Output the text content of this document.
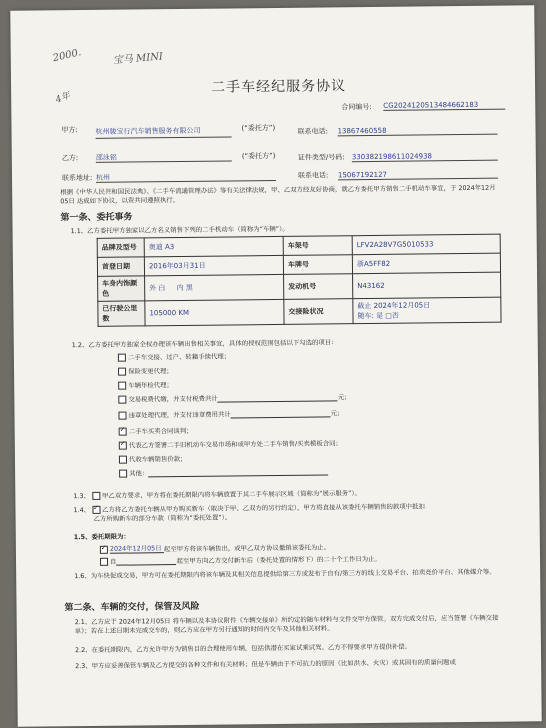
2000.	宝马 MINI
4年
二手车经纪服务协议
合同编号: CG2024120513484662183
甲方:	杭州骏宝行汽车销售服务有限公司	(“委托方”)	联系电话: 13867460558
乙方:	邵泳铭	(“委托方”)	证件类型/号码: 330382198611024938
联系地址: 杭州	联系电话: 15067192127
根据《中华人民共和国民法典》、《二手车流通管理办法》等有关法律法规，甲、乙双方经友好协商，就乙方委托甲方销售二手机动车事宜，于 2024年12月05日 达成如下协议，以资共同遵照执行。
第一条、委托事务
1.1、乙方委托甲方独家以乙方名义销售下列的二手机动车（简称为“车辆”）。
品牌及型号	奥迪 A3	车架号	LFV2A28V7G5010533
首登日期	2016年03月31日	车牌号	浙A5FF82
车身内饰颜色	外 白 内 黑	发动机号	N43162
已行驶公里数	105000 KM	交接险状况	截止 2024年12月05日
随车: 是 □否
1.2、乙方委托甲方独家全权办理该车辆出售相关事宜，具体的授权范围包括以下勾选的项目：
二手车交接、过户、转籍手续代理；
保险变更代理；
车辆年检代理；
交易税费代缴，并支付税费共计	元；
违章处理代理，并支付违章费用共计	元；
✓二手车买卖合同谈判；
✓代表乙方签署二手旧机动车交易市场和或甲方处二手车销售/买卖模板合同；
代收车辆销售价款；
其他：
1.3、 甲乙双方要求，甲方将在委托期限内将车辆放置于其二手车展示区域（简称为“展示服务”）。
1.4、 ✓ 乙方将乙方委托车辆从甲方购买新车（取决于甲、乙双方的另行约定），甲方将直接从该委托车辆销售的款项中抵扣
乙方所购新车的部分车款（简称为“委托处置”）。
1.5、委托期限为：
✓2024年12月05日 起至甲方将该车辆售出，或甲乙双方协议撤销该委托为止。
自	起至甲方向乙方交付新车后（委托处置的情形下）的二十个工作日为止。
1.6、为车快促成交易，甲方可在委托期限内将该车辆及其相关信息提供给第三方或发布于自有/第三方的线上交易平台、拍卖竞价平台、其他媒介等。
第二条、车辆的交付，保管及风险
2.1、乙方应于 2024年12月05日 将车辆以及本协议附件《车辆交接单》所约定的随车材料与文件交甲方保管。双方完成交付后，应当签署《车辆交接单》；若在上述日期未完成交车的，则乙方应在甲方另行通知的时间内交车及其他相关材料。
2.2、在委托期限内，乙方允许甲方为销售目的合理使用车辆，包括供潜在买家试乘试驾。乙方不得要求甲方提供补偿。
2.3、甲方应妥善保管车辆及乙方提交的各种文件和有关材料；但是车辆由于不可抗力的原因（比如洪水、火灾）或其固有的质量问题或
